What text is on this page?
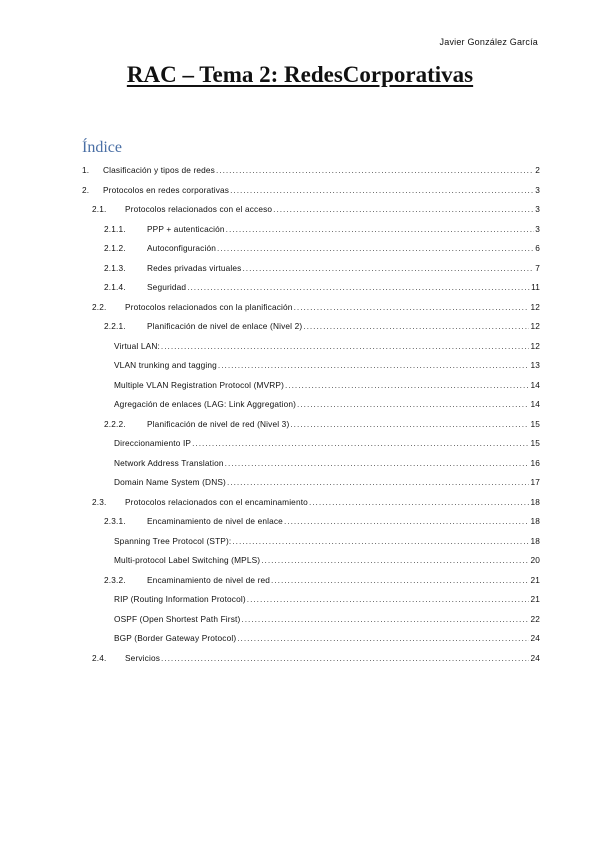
Javier González García
RAC – Tema 2: RedesCorporativas
Índice
1.	Clasificación y tipos de redes .....	2
2.	Protocolos en redes corporativas .....	3
2.1.	Protocolos relacionados con el acceso .....	3
2.1.1.	PPP + autenticación .....	3
2.1.2.	Autoconfiguración .....	6
2.1.3.	Redes privadas virtuales .....	7
2.1.4.	Seguridad .....	11
2.2.	Protocolos relacionados con la planificación .....	12
2.2.1.	Planificación de nivel de enlace (Nivel 2) .....	12
Virtual LAN: .....	12
VLAN trunking and tagging .....	13
Multiple VLAN Registration Protocol (MVRP) .....	14
Agregación de enlaces (LAG: Link Aggregation) .....	14
2.2.2.	Planificación de nivel de red (Nivel 3) .....	15
Direccionamiento IP .....	15
Network Address Translation .....	16
Domain Name System (DNS) .....	17
2.3.	Protocolos relacionados con el encaminamiento .....	18
2.3.1.	Encaminamiento de nivel de enlace .....	18
Spanning Tree Protocol (STP): .....	18
Multi-protocol Label Switching (MPLS) .....	20
2.3.2.	Encaminamiento de nivel de red .....	21
RIP (Routing Information Protocol) .....	21
OSPF (Open Shortest Path First) .....	22
BGP (Border Gateway Protocol) .....	24
2.4.	Servicios .....	24
